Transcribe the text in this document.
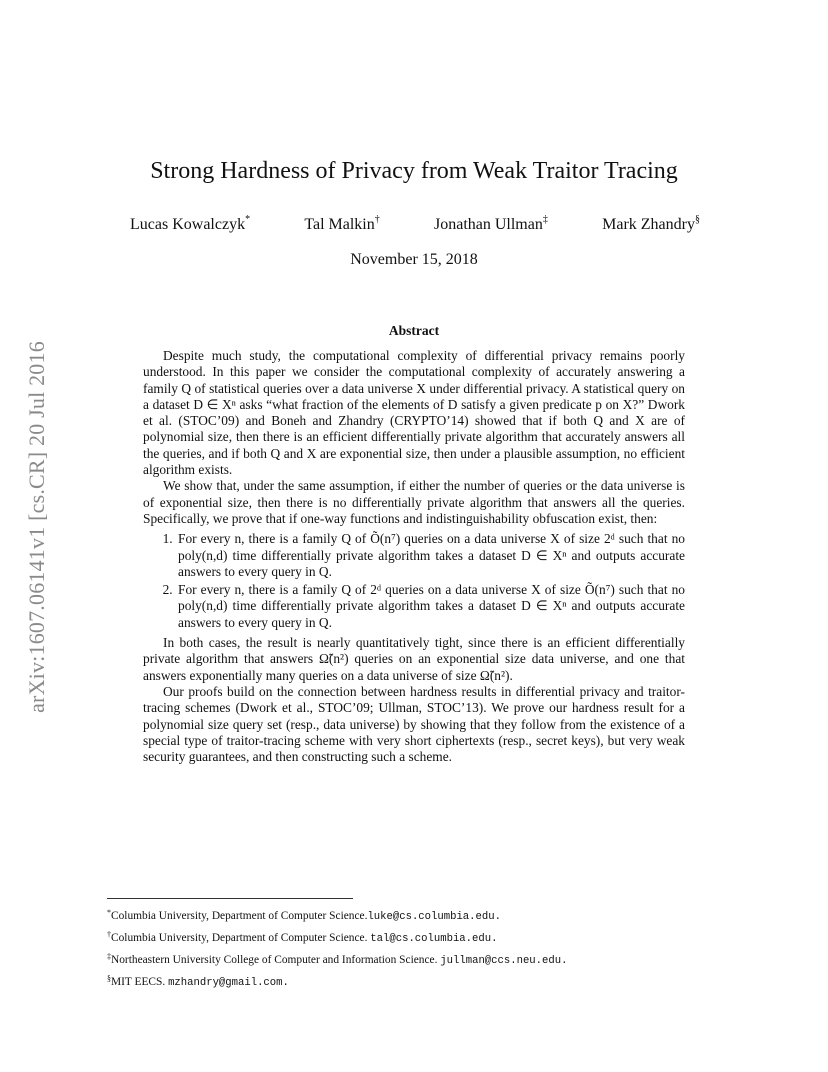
arXiv:1607.06141v1 [cs.CR] 20 Jul 2016
Strong Hardness of Privacy from Weak Traitor Tracing
Lucas Kowalczyk*	Tal Malkin†	Jonathan Ullman‡	Mark Zhandry§
November 15, 2018
Abstract

Despite much study, the computational complexity of differential privacy remains poorly understood. In this paper we consider the computational complexity of accurately answering a family Q of statistical queries over a data universe X under differential privacy. A statistical query on a dataset D ∈ Xⁿ asks “what fraction of the elements of D satisfy a given predicate p on X?” Dwork et al. (STOC’09) and Boneh and Zhandry (CRYPTO’14) showed that if both Q and X are of polynomial size, then there is an efficient differentially private algorithm that accurately answers all the queries, and if both Q and X are exponential size, then under a plausible assumption, no efficient algorithm exists.

We show that, under the same assumption, if either the number of queries or the data universe is of exponential size, then there is no differentially private algorithm that answers all the queries. Specifically, we prove that if one-way functions and indistinguishability obfuscation exist, then:

1. For every n, there is a family Q of Õ(n⁷) queries on a data universe X of size 2ᵈ such that no poly(n,d) time differentially private algorithm takes a dataset D ∈ Xⁿ and outputs accurate answers to every query in Q.
2. For every n, there is a family Q of 2ᵈ queries on a data universe X of size Õ(n⁷) such that no poly(n,d) time differentially private algorithm takes a dataset D ∈ Xⁿ and outputs accurate answers to every query in Q.

In both cases, the result is nearly quantitatively tight, since there is an efficient differentially private algorithm that answers Ω̃(n²) queries on an exponential size data universe, and one that answers exponentially many queries on a data universe of size Ω̃(n²).

Our proofs build on the connection between hardness results in differential privacy and traitor-tracing schemes (Dwork et al., STOC’09; Ullman, STOC’13). We prove our hardness result for a polynomial size query set (resp., data universe) by showing that they follow from the existence of a special type of traitor-tracing scheme with very short ciphertexts (resp., secret keys), but very weak security guarantees, and then constructing such a scheme.

*Columbia University, Department of Computer Science.luke@cs.columbia.edu.
†Columbia University, Department of Computer Science. tal@cs.columbia.edu.
‡Northeastern University College of Computer and Information Science. jullman@ccs.neu.edu.
§MIT EECS. mzhandry@gmail.com.
